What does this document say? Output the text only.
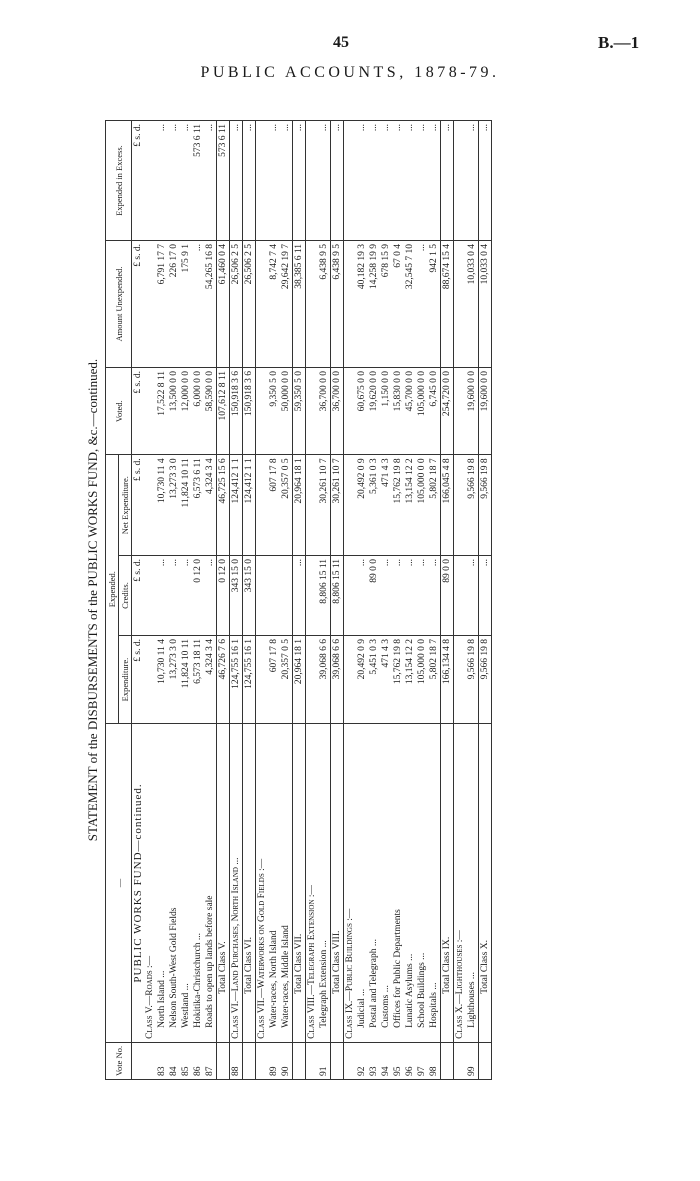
45	B.—1
PUBLIC ACCOUNTS, 1878-79.
STATEMENT of the DISBURSEMENTS of the PUBLIC WORKS FUND, &c.—continued.
Vote No.	—	Expended.			Voted.	Amount Unexpended.	Expended in Excess.
		Expenditure.	Credits.	Net Expenditure.			
	PUBLIC WORKS FUND—continued.	£ s. d.	£ s. d.	£ s. d.	£ s. d.	£ s. d.	£ s. d.
	Class V.—Roads :—						
83	North Island ...	10,730 11 4	...	10,730 11 4	17,522 8 11	6,791 17 7	...
84	Nelson South-West Gold Fields	13,273 3 0	...	13,273 3 0	13,500 0 0	226 17 0	...
85	Westland ...	11,824 10 11	...	11,824 10 11	12,000 0 0	175 9 1	...
86	Hokitika-Christchurch ...	6,573 18 11	0 12 0	6,573 6 11	6,000 0 0	...	573 6 11
87	Roads to open up lands before sale	4,324 3 4	...	4,324 3 4	58,590 0 0	54,265 16 8	...
	Total Class V.	46,726 7 6	0 12 0	46,725 15 6	107,612 8 11	61,460 0 4	573 6 11
88	Class VI.—Land Purchases, North Island ...	124,755 16 1	343 15 0	124,412 1 1	150,918 3 6	26,506 2 5	...
	Total Class VI.	124,755 16 1	343 15 0	124,412 1 1	150,918 3 6	26,506 2 5	...
	Class VII.—Waterworks on Gold Fields :—						
89	Water-races, North Island	607 17 8		607 17 8	9,350 5 0	8,742 7 4	...
90	Water-races, Middle Island	20,357 0 5		20,357 0 5	50,000 0 0	29,642 19 7	...
	Total Class VII.	20,964 18 1	...	20,964 18 1	59,350 5 0	38,385 6 11	...
	Class VIII.—Telegraph Extension :—						
91	Telegraph Extension ...	39,068 6 6	8,806 15 11	30,261 10 7	36,700 0 0	6,438 9 5	...
	Total Class VIII.	39,068 6 6	8,806 15 11	30,261 10 7	36,700 0 0	6,438 9 5	...
	Class IX.—Public Buildings :—						
92	Judicial ...	20,492 0 9	...	20,492 0 9	60,675 0 0	40,182 19 3	...
93	Postal and Telegraph ...	5,451 0 3	89 0 0	5,361 0 3	19,620 0 0	14,258 19 9	...
94	Customs ...	471 4 3	...	471 4 3	1,150 0 0	678 15 9	...
95	Offices for Public Departments	15,762 19 8	...	15,762 19 8	15,830 0 0	67 0 4	...
96	Lunatic Asylums ...	13,154 12 2	...	13,154 12 2	45,700 0 0	32,545 7 10	...
97	School Buildings ...	105,000 0 0	...	105,000 0 0	105,000 0 0	...	...
98	Hospitals ...	5,802 18 7	...	5,802 18 7	6,745 0 0	942 1 5	...
	Total Class IX.	166,134 4 8	89 0 0	166,045 4 8	254,720 0 0	88,674 15 4	...
	Class X.—Lighthouses :—						
99	Lighthouses ...	9,566 19 8	...	9,566 19 8	19,600 0 0	10,033 0 4	...
	Total Class X.	9,566 19 8	...	9,566 19 8	19,600 0 0	10,033 0 4	...
